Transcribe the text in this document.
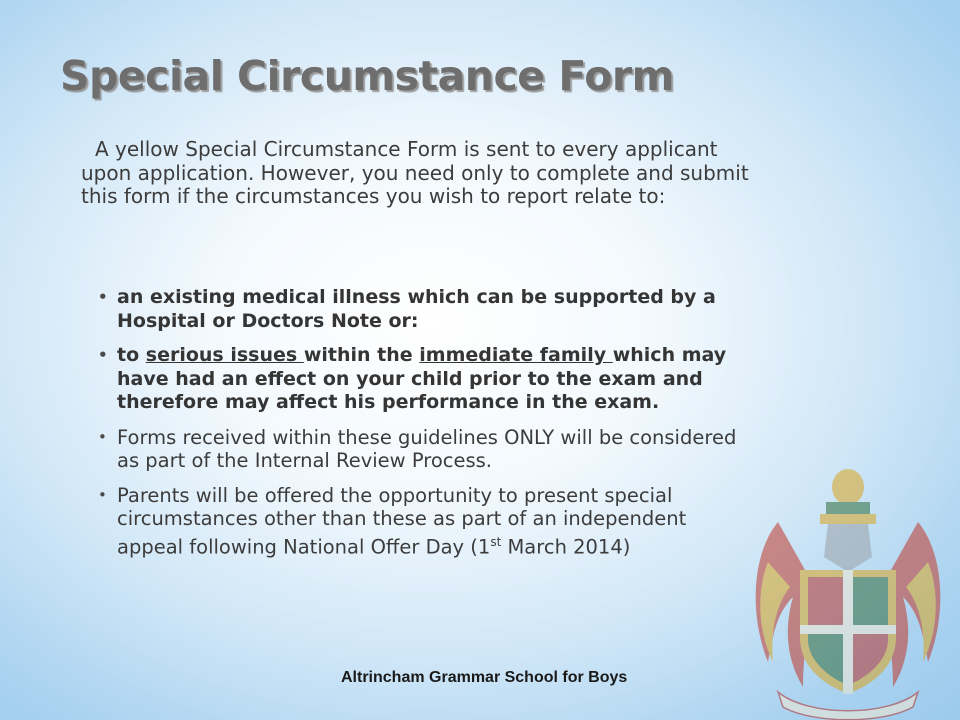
Special Circumstance Form
A yellow Special Circumstance Form is sent to every applicant upon application. However, you need only to complete and submit this form if the circumstances you wish to report relate to:
• an existing medical illness which can be supported by a Hospital or Doctors Note or:
• to serious issues within the immediate family which may have had an effect on your child prior to the exam and therefore may affect his performance in the exam.
• Forms received within these guidelines ONLY will be considered as part of the Internal Review Process.
• Parents will be offered the opportunity to present special circumstances other than these as part of an independent appeal following National Offer Day (1st March 2014)
Altrincham Grammar School for Boys
